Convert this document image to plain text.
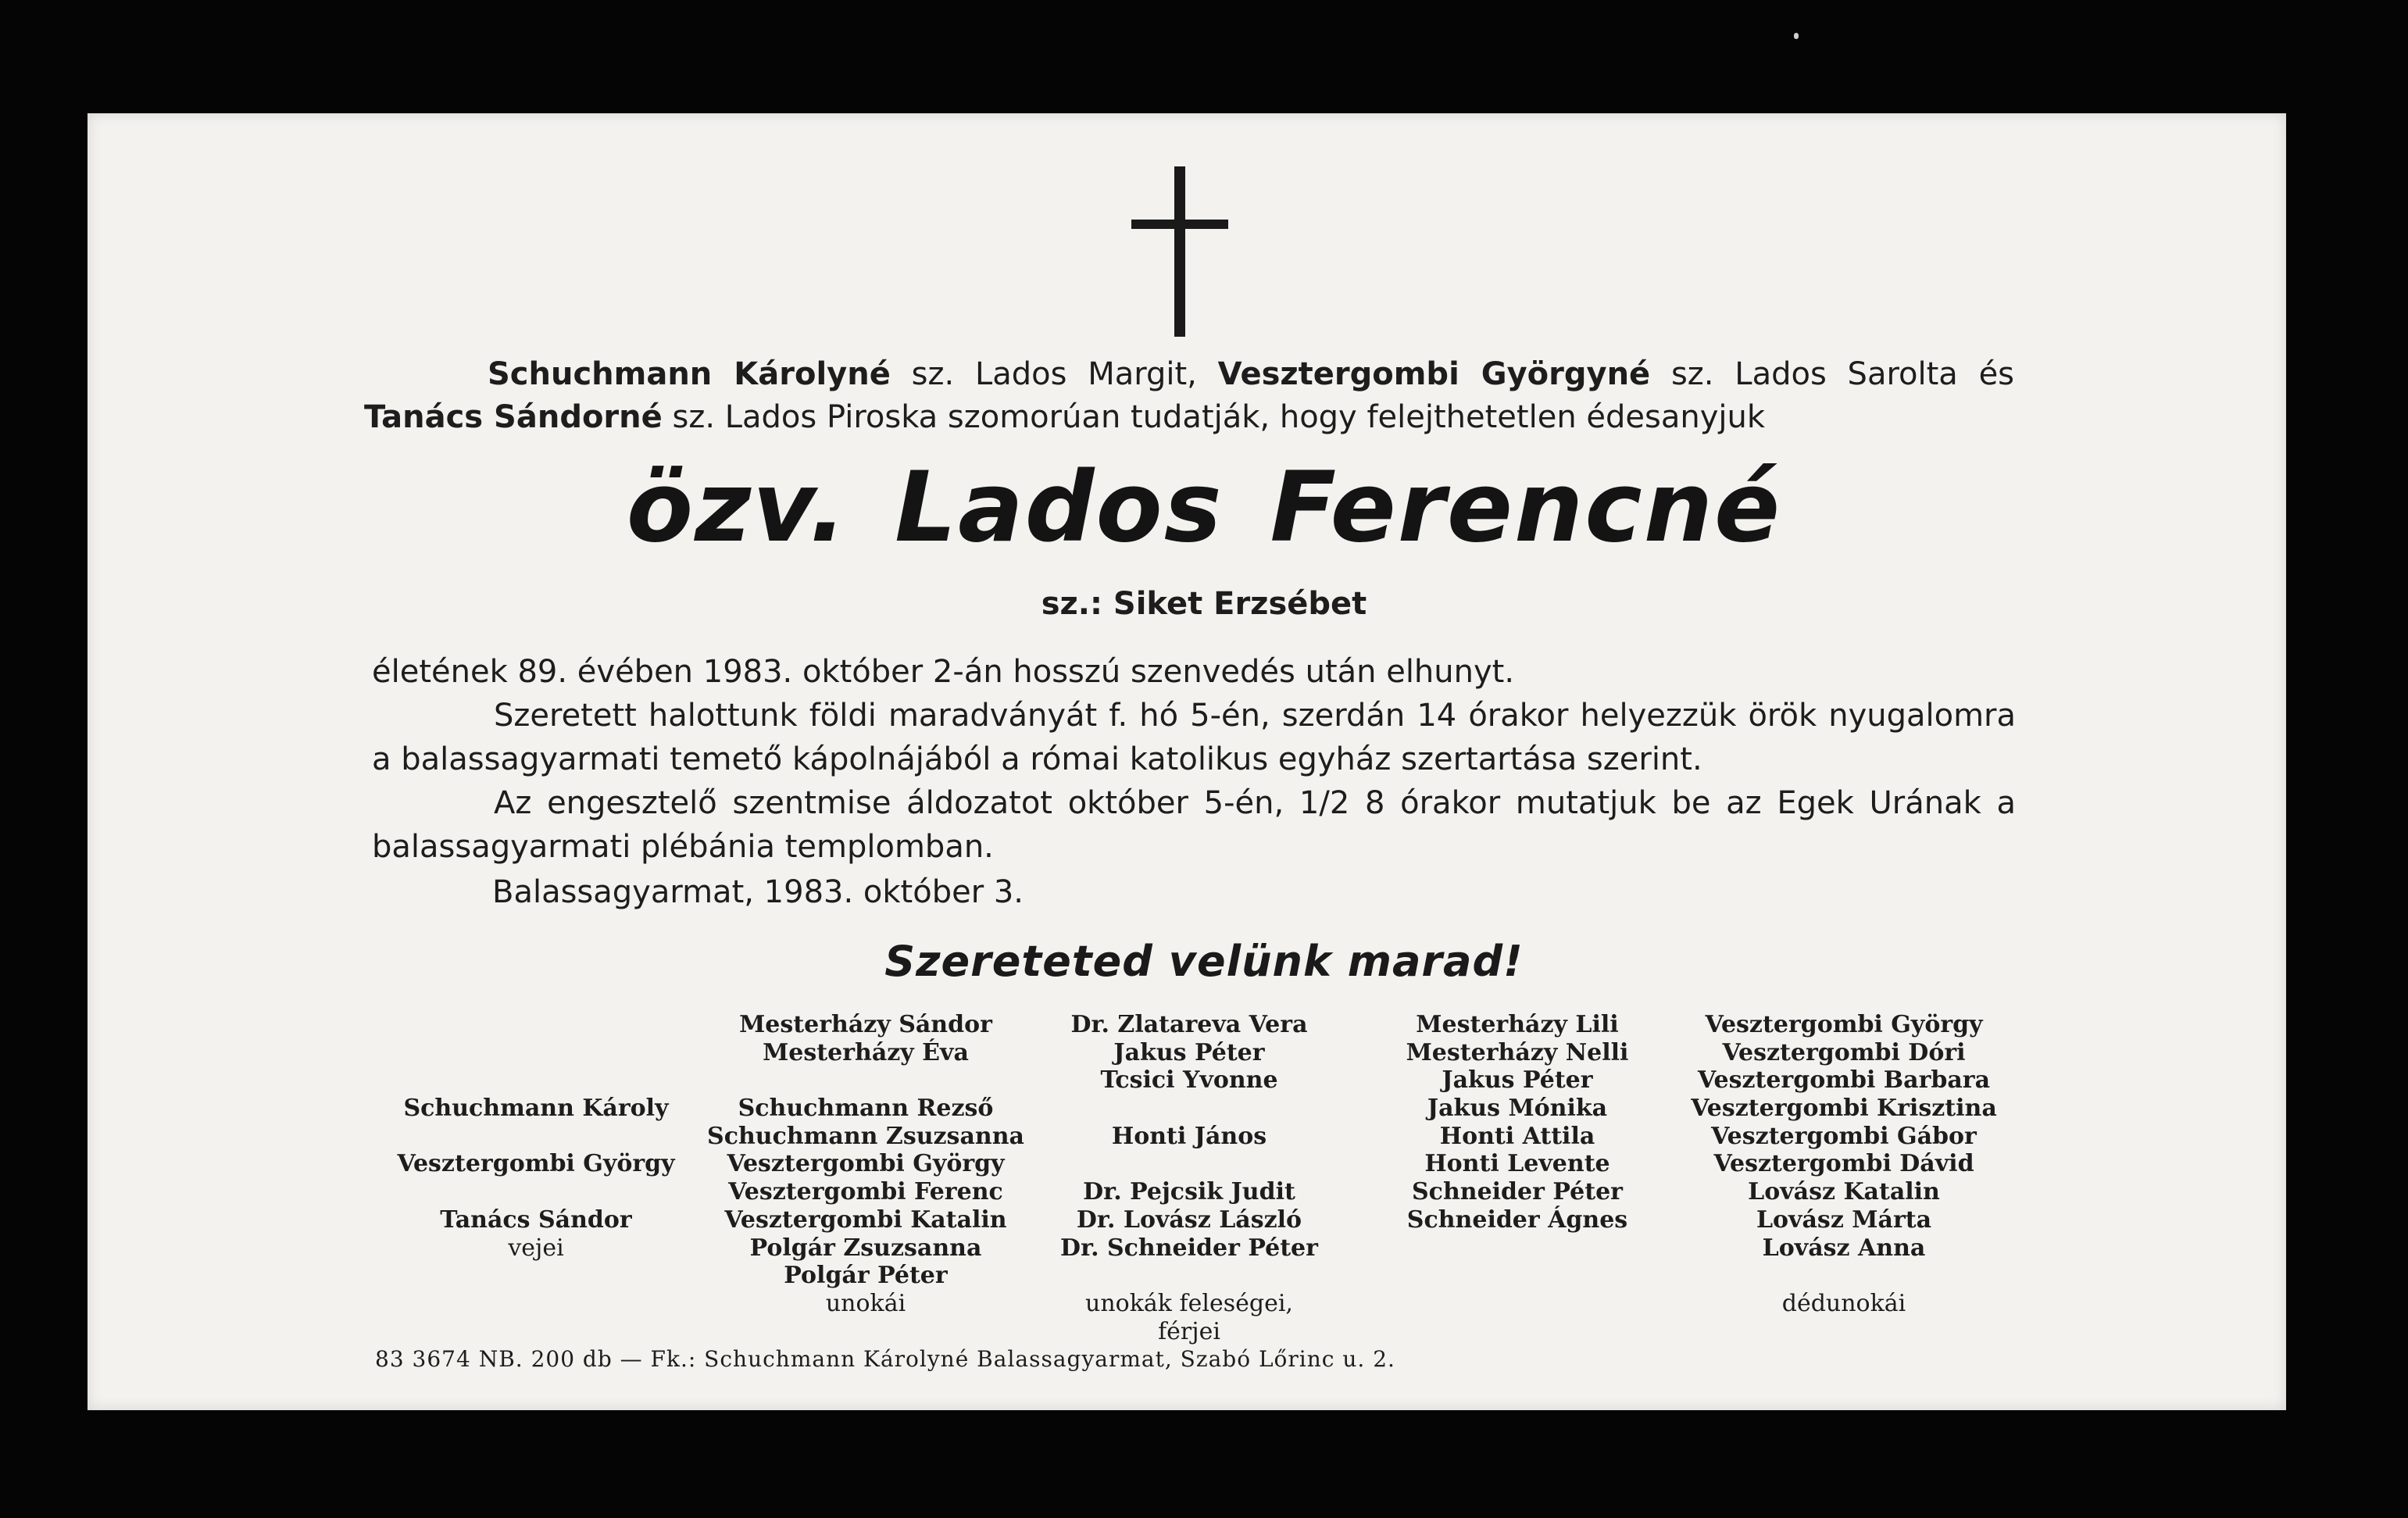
Schuchmann Károlyné sz. Lados Margit, Vesztergombi Györgyné sz. Lados Sarolta és Tanács Sándorné sz. Lados Piroska szomorúan tudatják, hogy felejthetetlen édesanyjuk
özv. Lados Ferencné
sz.: Siket Erzsébet

életének 89. évében 1983. október 2-án hosszú szenvedés után elhunyt.

Szeretett halottunk földi maradványát f. hó 5-én, szerdán 14 órakor helyezzük örök nyugalomra a balassagyarmati temető kápolnájából a római katolikus egyház szertartása szerint.

Az engesztelő szentmise áldozatot október 5-én, 1/2 8 órakor mutatjuk be az Egek Urának a balassagyarmati plébánia templomban.

Balassagyarmat, 1983. október 3.
Szereteted velünk marad!
Schuchmann Károly
Vesztergombi György
Tanács Sándor
vejei
Mesterházy Sándor
Mesterházy Éva
Schuchmann Rezső
Schuchmann Zsuzsanna
Vesztergombi György
Vesztergombi Ferenc
Vesztergombi Katalin
Polgár Zsuzsanna
Polgár Péter
unokái
Dr. Zlatareva Vera
Jakus Péter
Tcsici Yvonne
Honti János
Dr. Pejcsik Judit
Dr. Lovász László
Dr. Schneider Péter
unokák feleségei,
férjei
Mesterházy Lili
Mesterházy Nelli
Jakus Péter
Jakus Mónika
Honti Attila
Honti Levente
Schneider Péter
Schneider Ágnes
Vesztergombi György
Vesztergombi Dóri
Vesztergombi Barbara
Vesztergombi Krisztina
Vesztergombi Gábor
Vesztergombi Dávid
Lovász Katalin
Lovász Márta
Lovász Anna
dédunokái
83 3674 NB. 200 db — Fk.: Schuchmann Károlyné Balassagyarmat, Szabó Lőrinc u. 2.
